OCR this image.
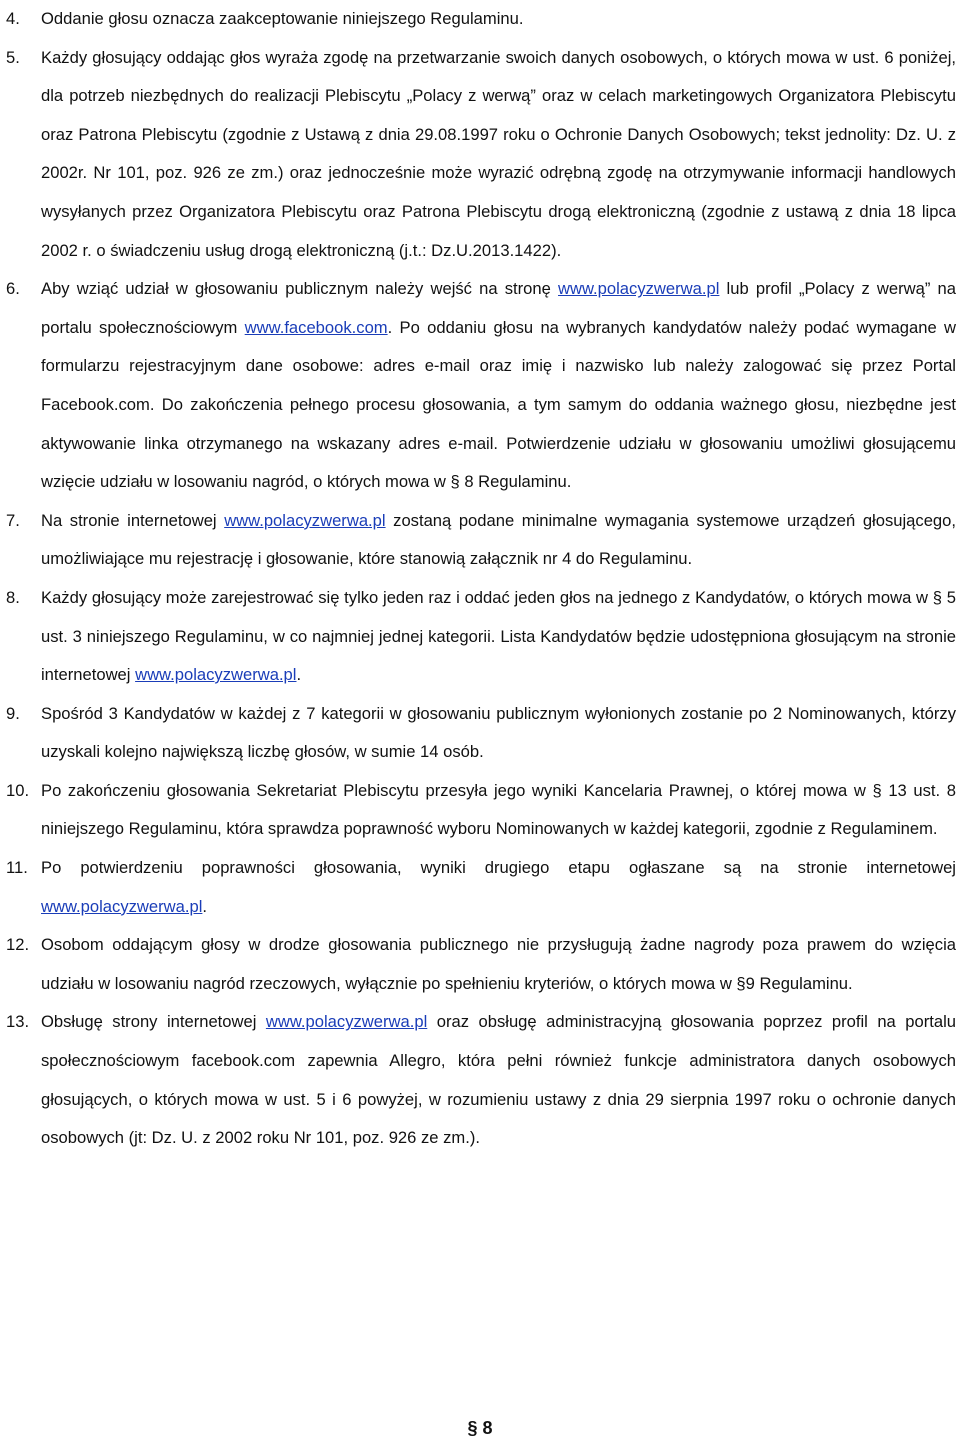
4. Oddanie głosu oznacza zaakceptowanie niniejszego Regulaminu.
5. Każdy głosujący oddając głos wyraża zgodę na przetwarzanie swoich danych osobowych, o których mowa w ust. 6 poniżej, dla potrzeb niezbędnych do realizacji Plebiscytu „Polacy z werwą” oraz w celach marketingowych Organizatora Plebiscytu oraz Patrona Plebiscytu (zgodnie z Ustawą z dnia 29.08.1997 roku o Ochronie Danych Osobowych; tekst jednolity: Dz. U. z 2002r. Nr 101, poz. 926 ze zm.) oraz jednocześnie może wyrazić odrębną zgodę na otrzymywanie informacji handlowych wysyłanych przez Organizatora Plebiscytu oraz Patrona Plebiscytu drogą elektroniczną (zgodnie z ustawą z dnia 18 lipca 2002 r. o świadczeniu usług drogą elektroniczną (j.t.: Dz.U.2013.1422).
6. Aby wziąć udział w głosowaniu publicznym należy wejść na stronę www.polacyzwerwa.pl lub profil „Polacy z werwą” na portalu społecznościowym www.facebook.com. Po oddaniu głosu na wybranych kandydatów należy podać wymagane w formularzu rejestracyjnym dane osobowe: adres e-mail oraz imię i nazwisko lub należy zalogować się przez Portal Facebook.com. Do zakończenia pełnego procesu głosowania, a tym samym do oddania ważnego głosu, niezbędne jest aktywowanie linka otrzymanego na wskazany adres e-mail. Potwierdzenie udziału w głosowaniu umożliwi głosującemu wzięcie udziału w losowaniu nagród, o których mowa w § 8 Regulaminu.
7. Na stronie internetowej www.polacyzwerwa.pl zostaną podane minimalne wymagania systemowe urządzeń głosującego, umożliwiające mu rejestrację i głosowanie, które stanowią załącznik nr 4 do Regulaminu.
8. Każdy głosujący może zarejestrować się tylko jeden raz i oddać jeden głos na jednego z Kandydatów, o których mowa w § 5 ust. 3 niniejszego Regulaminu, w co najmniej jednej kategorii. Lista Kandydatów będzie udostępniona głosującym na stronie internetowej www.polacyzwerwa.pl.
9. Spośród 3 Kandydatów w każdej z 7 kategorii w głosowaniu publicznym wyłonionych zostanie po 2 Nominowanych, którzy uzyskali kolejno największą liczbę głosów, w sumie 14 osób.
10. Po zakończeniu głosowania Sekretariat Plebiscytu przesyła jego wyniki Kancelaria Prawnej, o której mowa w § 13 ust. 8 niniejszego Regulaminu, która sprawdza poprawność wyboru Nominowanych w każdej kategorii, zgodnie z Regulaminem.
11. Po potwierdzeniu poprawności głosowania, wyniki drugiego etapu ogłaszane są na stronie internetowej www.polacyzwerwa.pl.
12. Osobom oddającym głosy w drodze głosowania publicznego nie przysługują żadne nagrody poza prawem do wzięcia udziału w losowaniu nagród rzeczowych, wyłącznie po spełnieniu kryteriów, o których mowa w §9 Regulaminu.
13. Obsługę strony internetowej www.polacyzwerwa.pl oraz obsługę administracyjną głosowania poprzez profil na portalu społecznościowym facebook.com zapewnia Allegro, która pełni również funkcje administratora danych osobowych głosujących, o których mowa w ust. 5 i 6 powyżej, w rozumieniu ustawy z dnia 29 sierpnia 1997 roku o ochronie danych osobowych (jt: Dz. U. z 2002 roku Nr 101, poz. 926 ze zm.).
§ 8
